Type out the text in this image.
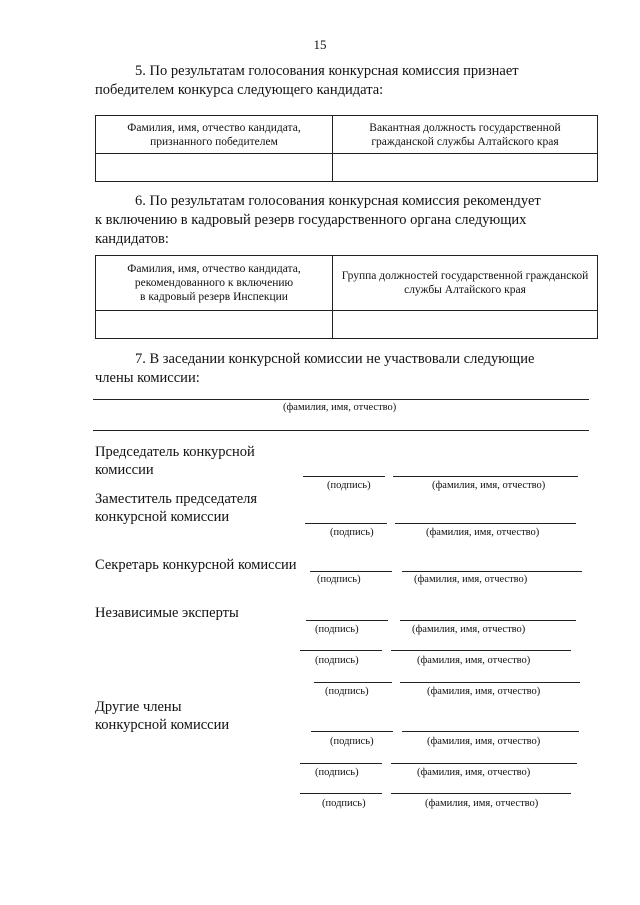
15
5. По результатам голосования конкурсная комиссия признает
победителем конкурса следующего кандидата:
Фамилия, имя, отчество кандидата, признанного победителем	Вакантная должность государственной гражданской службы Алтайского края

6. По результатам голосования конкурсная комиссия рекомендует
к включению в кадровый резерв государственного органа следующих
кандидатов:
Фамилия, имя, отчество кандидата,
рекомендованного к включению
в кадровый резерв Инспекции	Группа должностей государственной гражданской службы Алтайского края

7. В заседании конкурсной комиссии не участвовали следующие
члены комиссии:
(фамилия, имя, отчество)
Председатель конкурсной
комиссии
(подпись)	(фамилия, имя, отчество)
Заместитель председателя
конкурсной комиссии
(подпись)	(фамилия, имя, отчество)
Секретарь конкурсной комиссии
(подпись)	(фамилия, имя, отчество)
Независимые эксперты
(подпись)	(фамилия, имя, отчество)
(подпись)	(фамилия, имя, отчество)
(подпись)	(фамилия, имя, отчество)
Другие члены
конкурсной комиссии
(подпись)	(фамилия, имя, отчество)
(подпись)	(фамилия, имя, отчество)
(подпись)	(фамилия, имя, отчество)
